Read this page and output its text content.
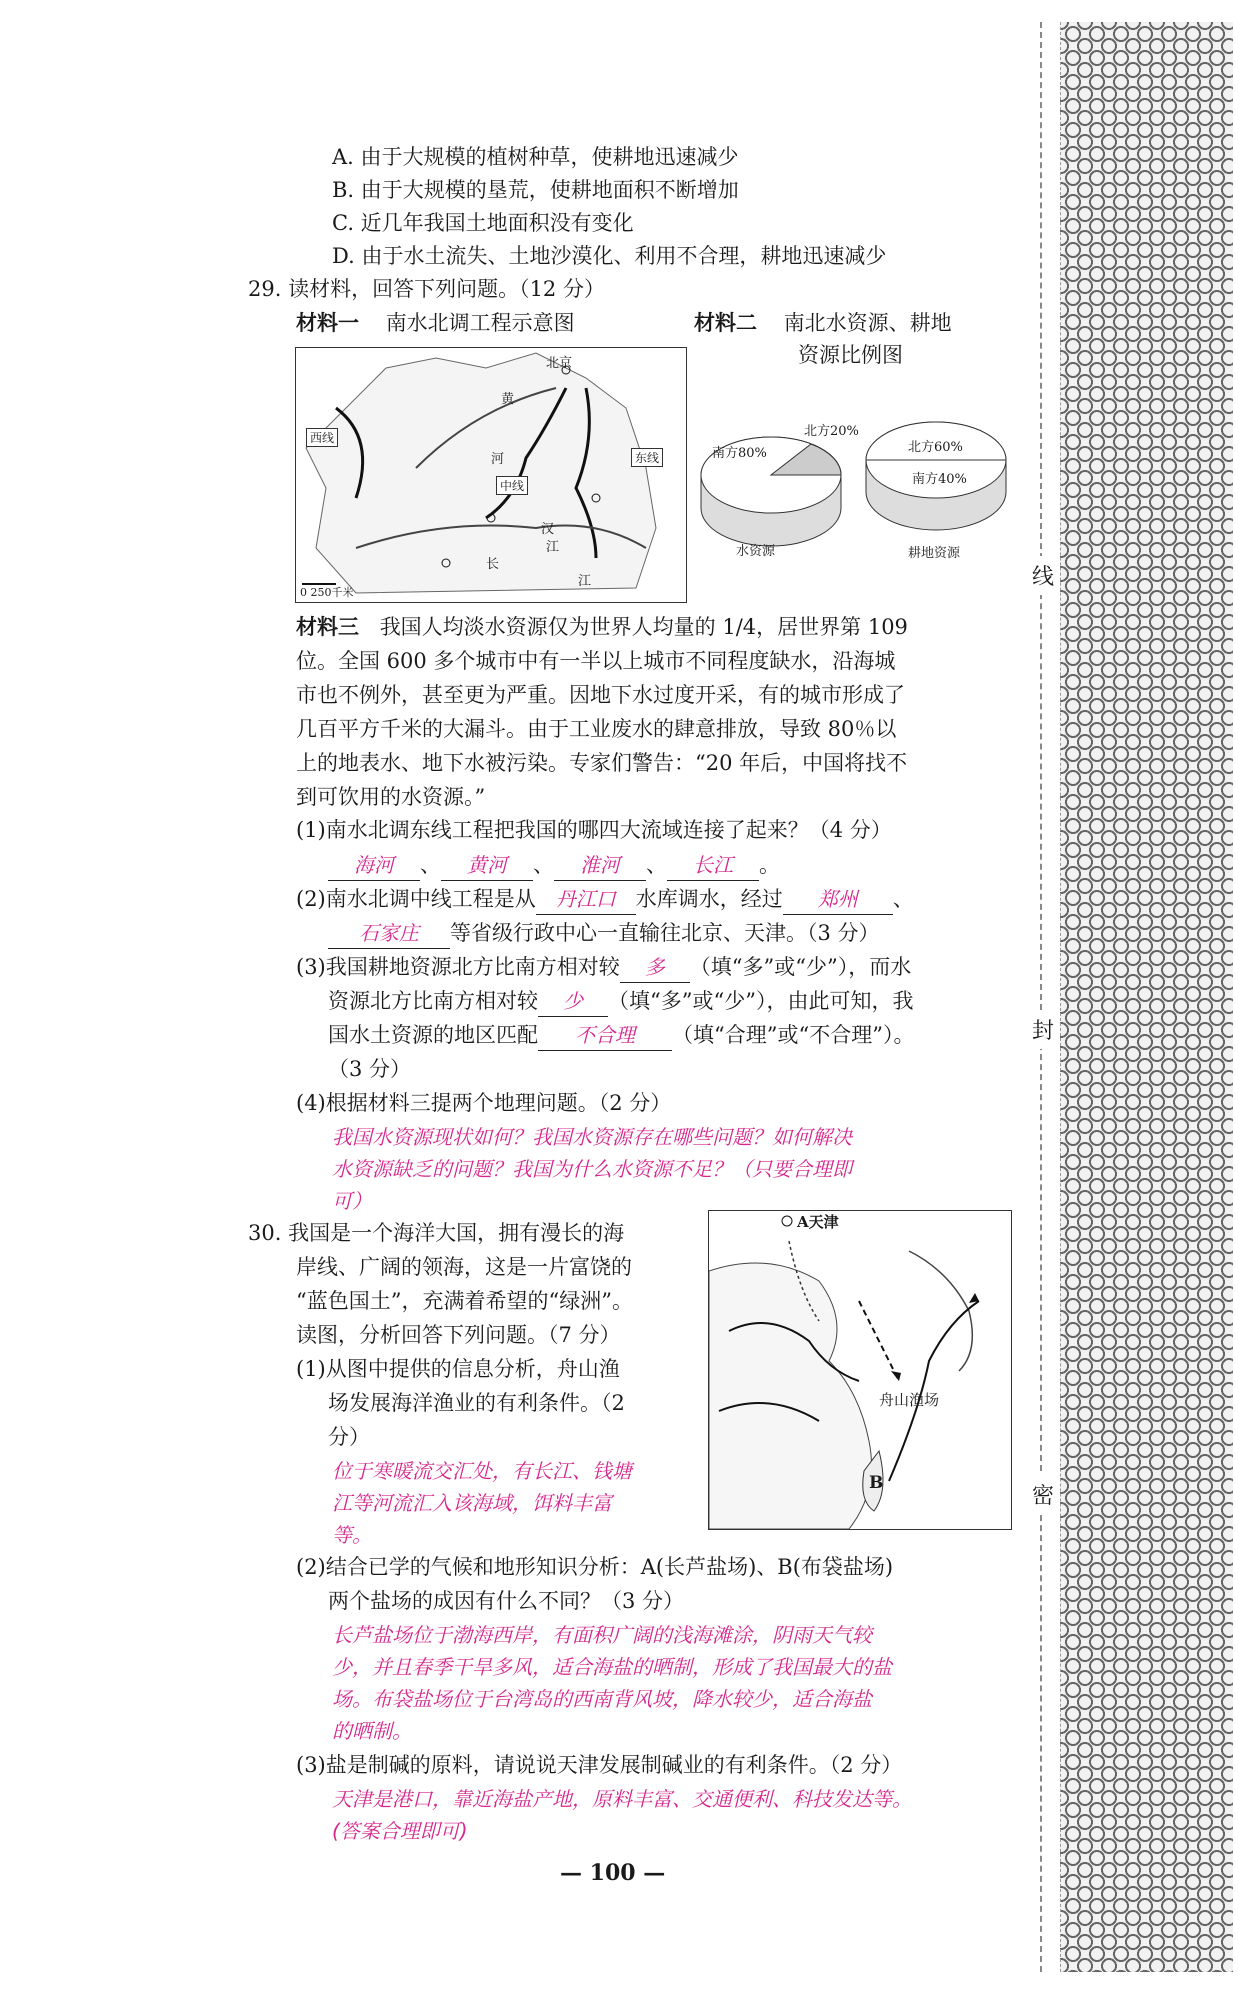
线
封
密
A. 由于大规模的植树种草，使耕地迅速减少
B. 由于大规模的垦荒，使耕地面积不断增加
C. 近几年我国土地面积没有变化
D. 由于水土流失、土地沙漠化、利用不合理，耕地迅速减少
29. 读材料，回答下列问题。（12 分）
材料一 南水北调工程示意图	材料二 南北水资源、耕地
资源比例图
北京
黄
河
西线
中线
东线
汉
江
长
江
0 250千米
南方80%
北方20%
水资源
北方60%
南方40%
耕地资源
材料三 我国人均淡水资源仅为世界人均量的 1/4，居世界第 109
位。全国 600 多个城市中有一半以上城市不同程度缺水，沿海城
市也不例外，甚至更为严重。因地下水过度开采，有的城市形成了
几百平方千米的大漏斗。由于工业废水的肆意排放，导致 80％以
上的地表水、地下水被污染。专家们警告：“20 年后，中国将找不
到可饮用的水资源。”
(1)南水北调东线工程把我国的哪四大流域连接了起来？（4 分）
海河 、 黄河 、 淮河 、 长江 。
(2)南水北调中线工程是从 丹江口 水库调水，经过 郑州 、
石家庄 等省级行政中心一直输往北京、天津。（3 分）
(3)我国耕地资源北方比南方相对较 多 （填“多”或“少”），而水
资源北方比南方相对较 少 （填“多”或“少”），由此可知，我
国水土资源的地区匹配 不合理 （填“合理”或“不合理”）。
（3 分）
(4)根据材料三提两个地理问题。（2 分）
我国水资源现状如何？我国水资源存在哪些问题？如何解决
水资源缺乏的问题？我国为什么水资源不足？（只要合理即
可）
30. 我国是一个海洋大国，拥有漫长的海
岸线、广阔的领海，这是一片富饶的
“蓝色国土”，充满着希望的“绿洲”。
读图，分析回答下列问题。（7 分）
A天津
舟山渔场
B
(1)从图中提供的信息分析，舟山渔
场发展海洋渔业的有利条件。（2
分）
位于寒暖流交汇处，有长江、钱塘
江等河流汇入该海域，饵料丰富
等。
(2)结合已学的气候和地形知识分析：A(长芦盐场)、B(布袋盐场)
两个盐场的成因有什么不同？（3 分）
长芦盐场位于渤海西岸，有面积广阔的浅海滩涂，阴雨天气较
少，并且春季干旱多风，适合海盐的晒制，形成了我国最大的盐
场。布袋盐场位于台湾岛的西南背风坡，降水较少，适合海盐
的晒制。
(3)盐是制碱的原料，请说说天津发展制碱业的有利条件。（2 分）
天津是港口，靠近海盐产地，原料丰富、交通便利、科技发达等。
(答案合理即可)
— 100 —
